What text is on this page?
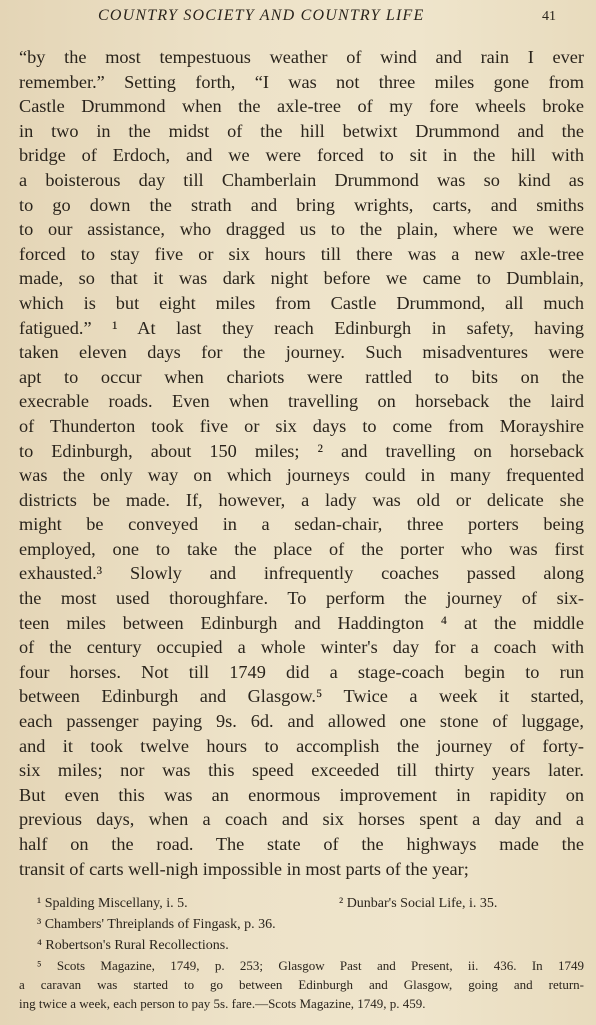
COUNTRY SOCIETY AND COUNTRY LIFE	41
“by the most tempestuous weather of wind and rain I ever
remember.” Setting forth, “I was not three miles gone from
Castle Drummond when the axle-tree of my fore wheels broke
in two in the midst of the hill betwixt Drummond and the
bridge of Erdoch, and we were forced to sit in the hill with
a boisterous day till Chamberlain Drummond was so kind as
to go down the strath and bring wrights, carts, and smiths
to our assistance, who dragged us to the plain, where we were
forced to stay five or six hours till there was a new axle-tree
made, so that it was dark night before we came to Dumblain,
which is but eight miles from Castle Drummond, all much
fatigued.” ¹ At last they reach Edinburgh in safety, having
taken eleven days for the journey. Such misadventures were
apt to occur when chariots were rattled to bits on the
execrable roads. Even when travelling on horseback the laird
of Thunderton took five or six days to come from Morayshire
to Edinburgh, about 150 miles; ² and travelling on horseback
was the only way on which journeys could in many frequented
districts be made. If, however, a lady was old or delicate she
might be conveyed in a sedan-chair, three porters being
employed, one to take the place of the porter who was first
exhausted.³ Slowly and infrequently coaches passed along
the most used thoroughfare. To perform the journey of six-
teen miles between Edinburgh and Haddington ⁴ at the middle
of the century occupied a whole winter's day for a coach with
four horses. Not till 1749 did a stage-coach begin to run
between Edinburgh and Glasgow.⁵ Twice a week it started,
each passenger paying 9s. 6d. and allowed one stone of luggage,
and it took twelve hours to accomplish the journey of forty-
six miles; nor was this speed exceeded till thirty years later.
But even this was an enormous improvement in rapidity on
previous days, when a coach and six horses spent a day and a
half on the road. The state of the highways made the
transit of carts well-nigh impossible in most parts of the year;
¹ Spalding Miscellany, i. 5.	² Dunbar's Social Life, i. 35.
³ Chambers' Threiplands of Fingask, p. 36.
⁴ Robertson's Rural Recollections.
⁵ Scots Magazine, 1749, p. 253; Glasgow Past and Present, ii. 436. In 1749
a caravan was started to go between Edinburgh and Glasgow, going and return-
ing twice a week, each person to pay 5s. fare.—Scots Magazine, 1749, p. 459.
